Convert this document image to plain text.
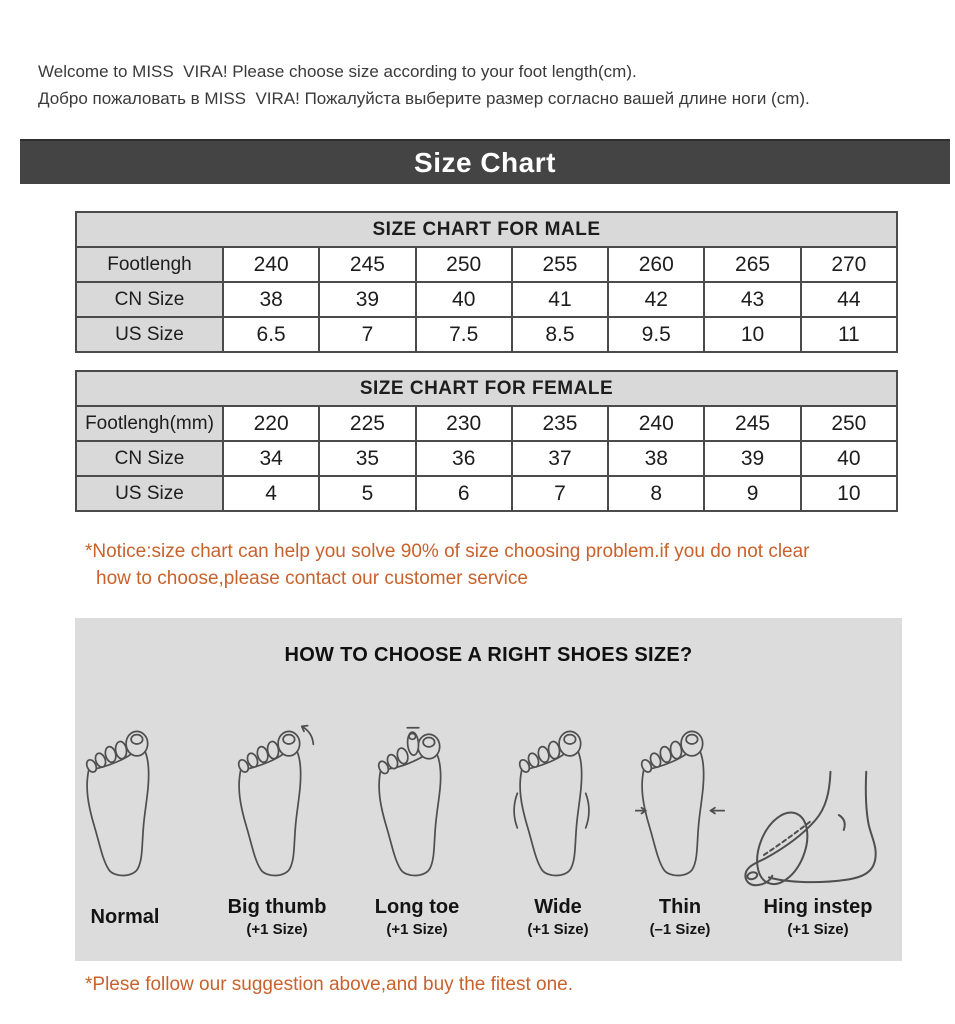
Welcome to MISS  VIRA! Please choose size according to your foot length(cm).
Добро пожаловать в MISS  VIRA! Пожалуйста выберите размер согласно вашей длине ноги (cm).
Size Chart
SIZE CHART FOR MALE							
Footlengh	240	245	250	255	260	265	270
CN Size	38	39	40	41	42	43	44
US Size	6.5	7	7.5	8.5	9.5	10	11
SIZE CHART FOR FEMALE							
Footlengh(mm)	220	225	230	235	240	245	250
CN Size	34	35	36	37	38	39	40
US Size	4	5	6	7	8	9	10
*Notice:size chart can help you solve 90% of size choosing problem.if you do not clear
how to choose,please contact our customer service
HOW TO CHOOSE A RIGHT SHOES SIZE?
Normal	Big thumb
(+1 Size)
Long toe
(+1 Size)
Wide
(+1 Size)
Thin
(–1 Size)
Hing instep
(+1 Size)
*Plese follow our suggestion above,and buy the fitest one.
